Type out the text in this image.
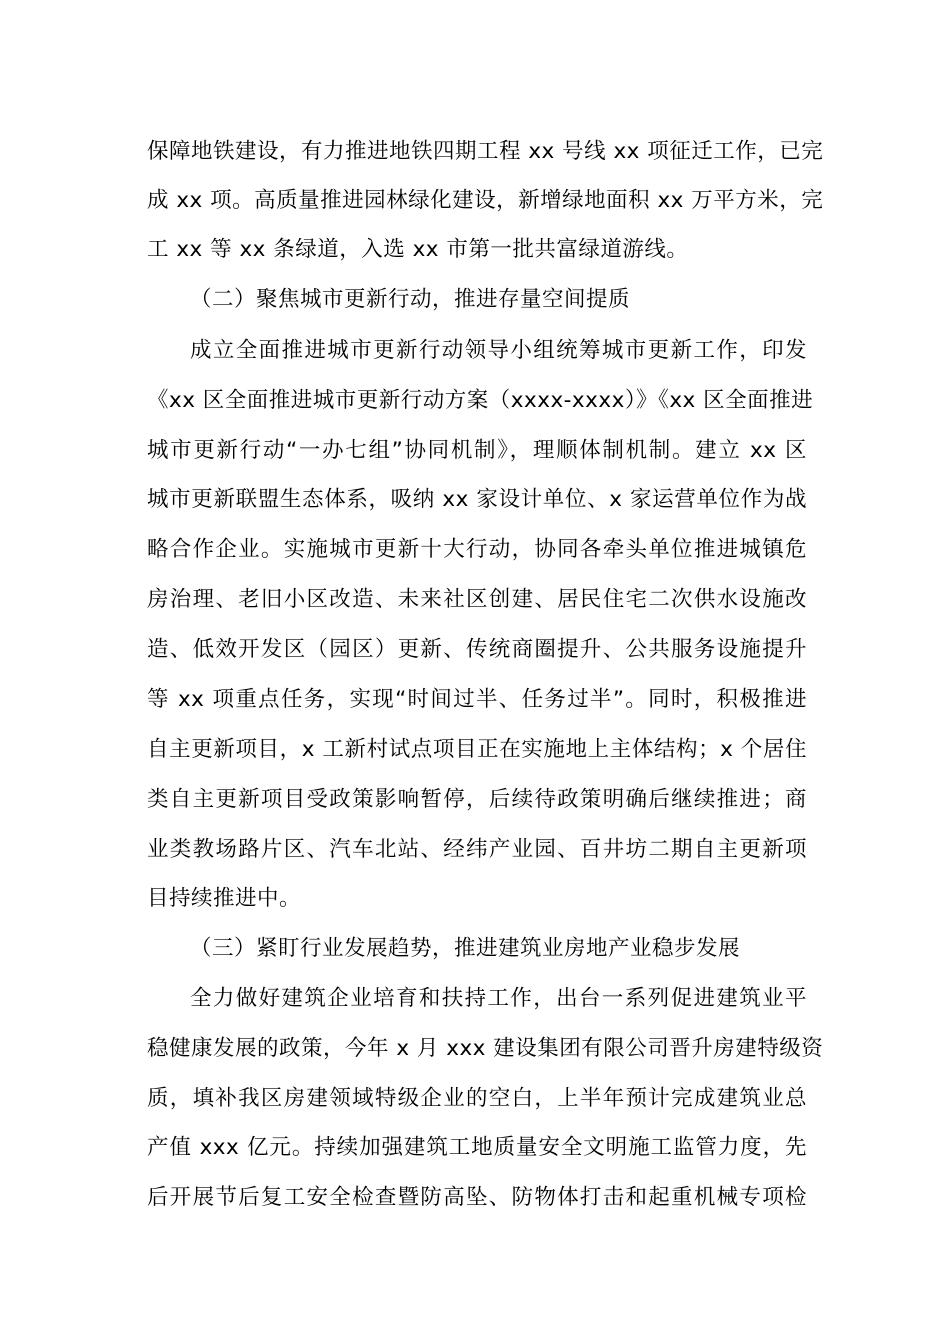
保障地铁建设，有力推进地铁四期工程 xx 号线 xx 项征迁工作，已完
成 xx 项。高质量推进园林绿化建设，新增绿地面积 xx 万平方米，完
工 xx 等 xx 条绿道，入选 xx 市第一批共富绿道游线。
（二）聚焦城市更新行动，推进存量空间提质
成立全面推进城市更新行动领导小组统筹城市更新工作，印发
《xx 区全面推进城市更新行动方案（xxxx-xxxx）》《xx 区全面推进
城市更新行动“一办七组”协同机制》，理顺体制机制。建立 xx 区
城市更新联盟生态体系，吸纳 xx 家设计单位、x 家运营单位作为战
略合作企业。实施城市更新十大行动，协同各牵头单位推进城镇危
房治理、老旧小区改造、未来社区创建、居民住宅二次供水设施改
造、低效开发区（园区）更新、传统商圈提升、公共服务设施提升
等 xx 项重点任务，实现“时间过半、任务过半”。同时，积极推进
自主更新项目，x 工新村试点项目正在实施地上主体结构；x 个居住
类自主更新项目受政策影响暂停，后续待政策明确后继续推进；商
业类教场路片区、汽车北站、经纬产业园、百井坊二期自主更新项
目持续推进中。
（三）紧盯行业发展趋势，推进建筑业房地产业稳步发展
全力做好建筑企业培育和扶持工作，出台一系列促进建筑业平
稳健康发展的政策，今年 x 月 xxx 建设集团有限公司晋升房建特级资
质，填补我区房建领域特级企业的空白，上半年预计完成建筑业总
产值 xxx 亿元。持续加强建筑工地质量安全文明施工监管力度，先
后开展节后复工安全检查暨防高坠、防物体打击和起重机械专项检
